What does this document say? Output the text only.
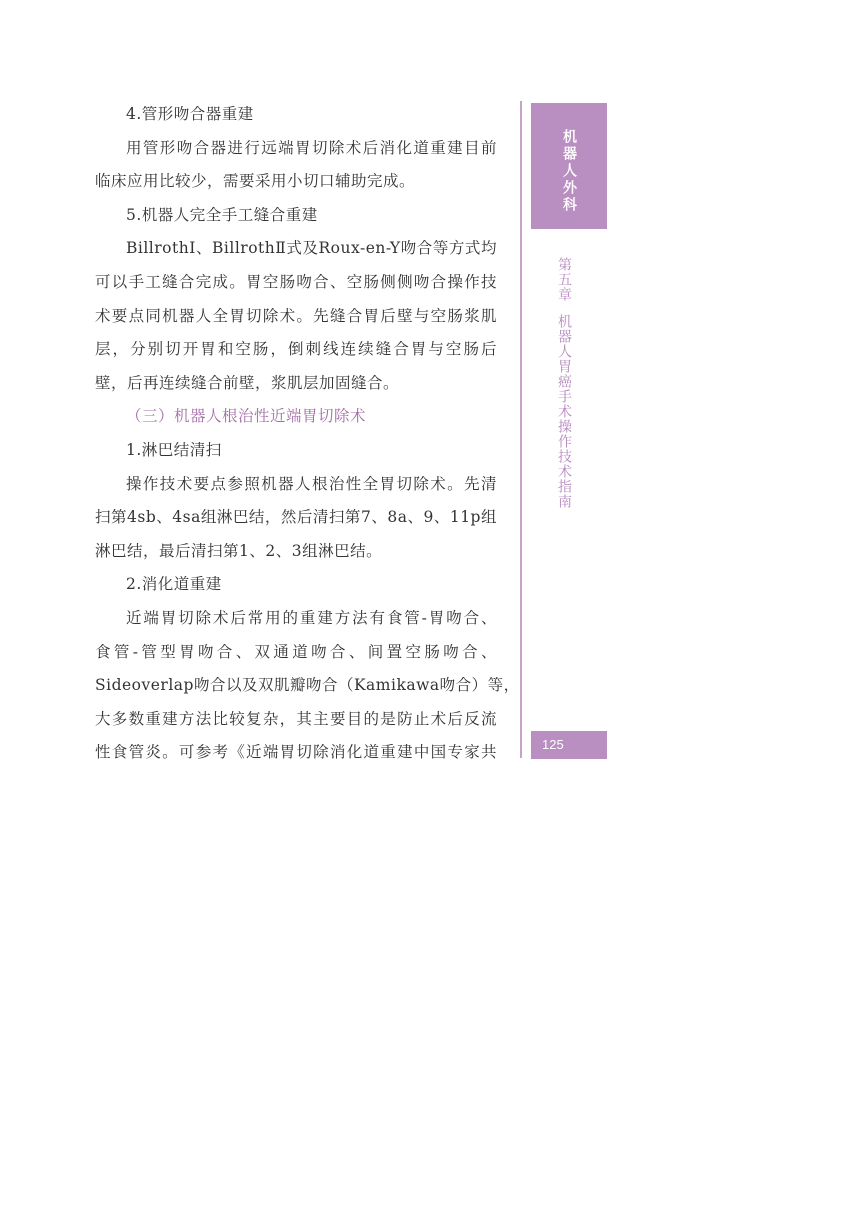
4.管形吻合器重建
用管形吻合器进行远端胃切除术后消化道重建目前
临床应用比较少，需要采用小切口辅助完成。
5.机器人完全手工缝合重建
BillrothⅠ、BillrothⅡ式及Roux-en-Y吻合等方式均
可以手工缝合完成。胃空肠吻合、空肠侧侧吻合操作技
术要点同机器人全胃切除术。先缝合胃后壁与空肠浆肌
层，分别切开胃和空肠，倒刺线连续缝合胃与空肠后
壁，后再连续缝合前壁，浆肌层加固缝合。
（三）机器人根治性近端胃切除术
1.淋巴结清扫
操作技术要点参照机器人根治性全胃切除术。先清
扫第4sb、4sa组淋巴结，然后清扫第7、8a、9、11p组
淋巴结，最后清扫第1、2、3组淋巴结。
2.消化道重建
近端胃切除术后常用的重建方法有食管-胃吻合、
食管-管型胃吻合、双通道吻合、间置空肠吻合、
Sideoverlap吻合以及双肌瓣吻合（Kamikawa吻合）等，
大多数重建方法比较复杂，其主要目的是防止术后反流
性食管炎。可参考《近端胃切除消化道重建中国专家共
机器人外科
第五章机器人胃癌手术操作技术指南
125
